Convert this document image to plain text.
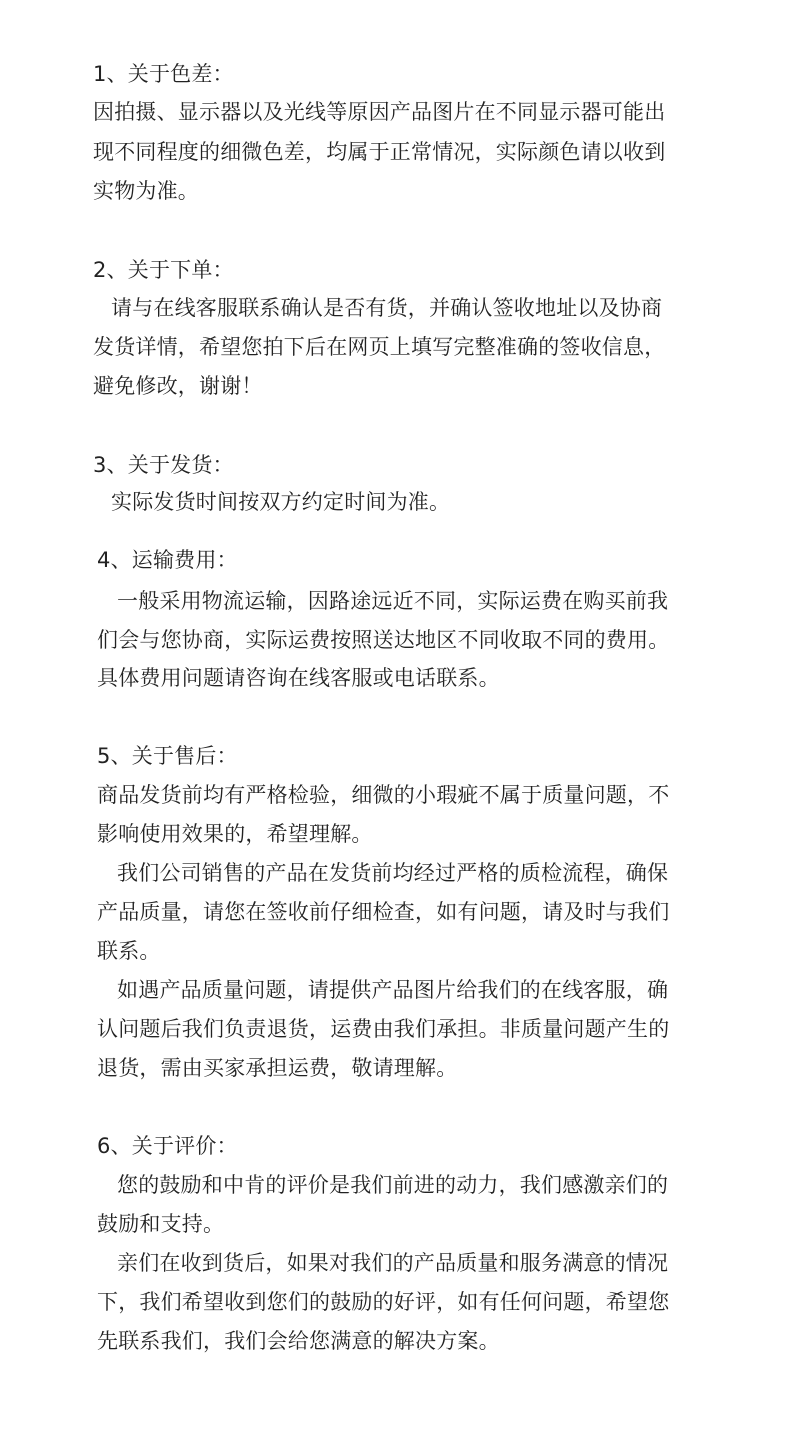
1、关于色差：
因拍摄、显示器以及光线等原因产品图片在不同显示器可能出
现不同程度的细微色差，均属于正常情况，实际颜色请以收到
实物为准。
2、关于下单：
请与在线客服联系确认是否有货，并确认签收地址以及协商
发货详情，希望您拍下后在网页上填写完整准确的签收信息，
避免修改，谢谢！
3、关于发货：
实际发货时间按双方约定时间为准。
4、运输费用：
一般采用物流运输，因路途远近不同，实际运费在购买前我
们会与您协商，实际运费按照送达地区不同收取不同的费用。
具体费用问题请咨询在线客服或电话联系。
5、关于售后：
商品发货前均有严格检验，细微的小瑕疵不属于质量问题，不
影响使用效果的，希望理解。
我们公司销售的产品在发货前均经过严格的质检流程，确保
产品质量，请您在签收前仔细检查，如有问题，请及时与我们
联系。
如遇产品质量问题，请提供产品图片给我们的在线客服，确
认问题后我们负责退货，运费由我们承担。非质量问题产生的
退货，需由买家承担运费，敬请理解。
6、关于评价：
您的鼓励和中肯的评价是我们前进的动力，我们感激亲们的
鼓励和支持。
亲们在收到货后，如果对我们的产品质量和服务满意的情况
下，我们希望收到您们的鼓励的好评，如有任何问题，希望您
先联系我们，我们会给您满意的解决方案。
